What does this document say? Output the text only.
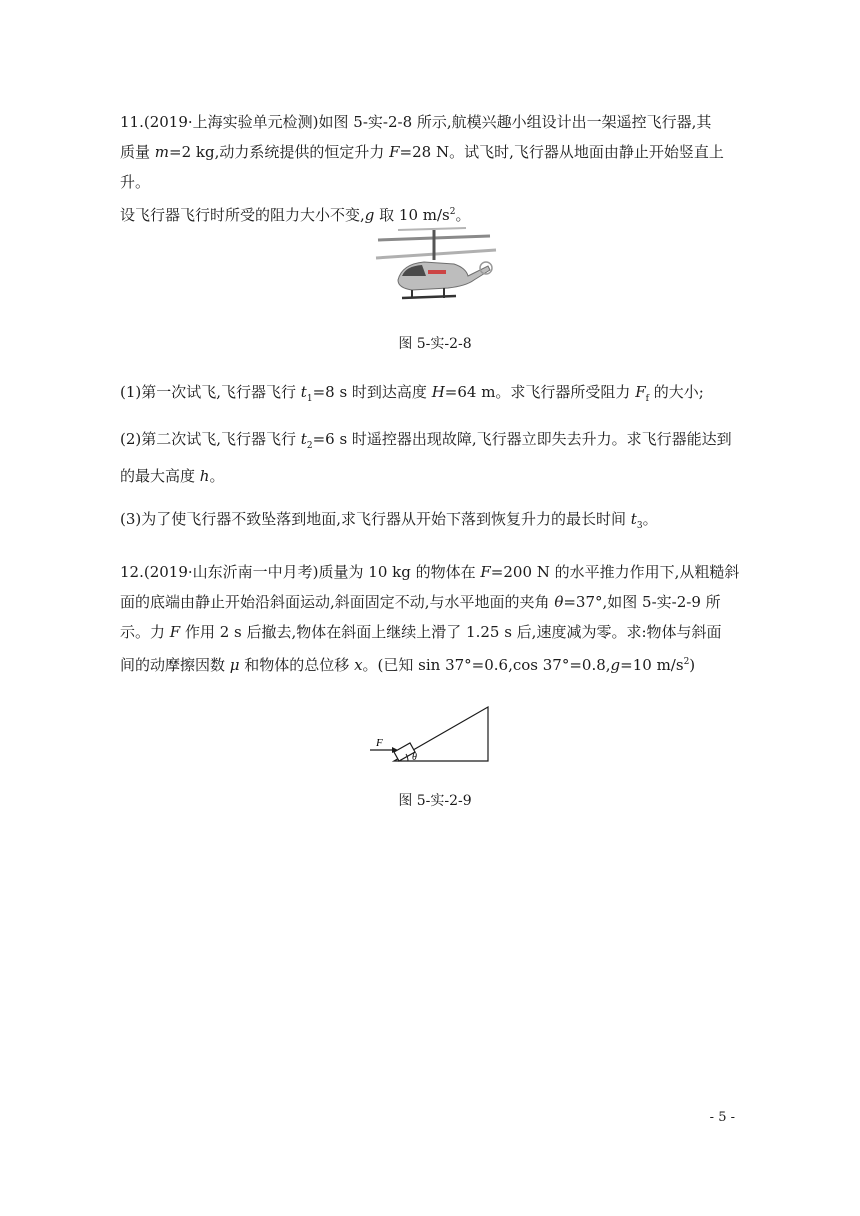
11.(2019·上海实验单元检测)如图 5-实-2-8 所示,航模兴趣小组设计出一架遥控飞行器,其

质量 m=2 kg,动力系统提供的恒定升力 F=28 N。试飞时,飞行器从地面由静止开始竖直上升。

设飞行器飞行时所受的阻力大小不变,g 取 10 $m/s^2$。

图 5-实-2-8

(1)第一次试飞,飞行器飞行 $t_1=8$ s 时到达高度 H=64 m。求飞行器所受阻力 $F_f$ 的大小;

(2)第二次试飞,飞行器飞行 $t_2=6$ s 时遥控器出现故障,飞行器立即失去升力。求飞行器能达到

的最大高度 h。

(3)为了使飞行器不致坠落到地面,求飞行器从开始下落到恢复升力的最长时间 $t_3$。

12.(2019·山东沂南一中月考)质量为 10 kg 的物体在 F=200 N 的水平推力作用下,从粗糙斜

面的底端由静止开始沿斜面运动,斜面固定不动,与水平地面的夹角 θ=37°,如图 5-实-2-9 所

示。力 F 作用 2 s 后撤去,物体在斜面上继续上滑了 1.25 s 后,速度减为零。求:物体与斜面

间的动摩擦因数 μ 和物体的总位移 x。(已知 sin 37°=0.6,cos 37°=0.8,g=10 $m/s^2$)

F
θ
图 5-实-2-9
- 5 -
